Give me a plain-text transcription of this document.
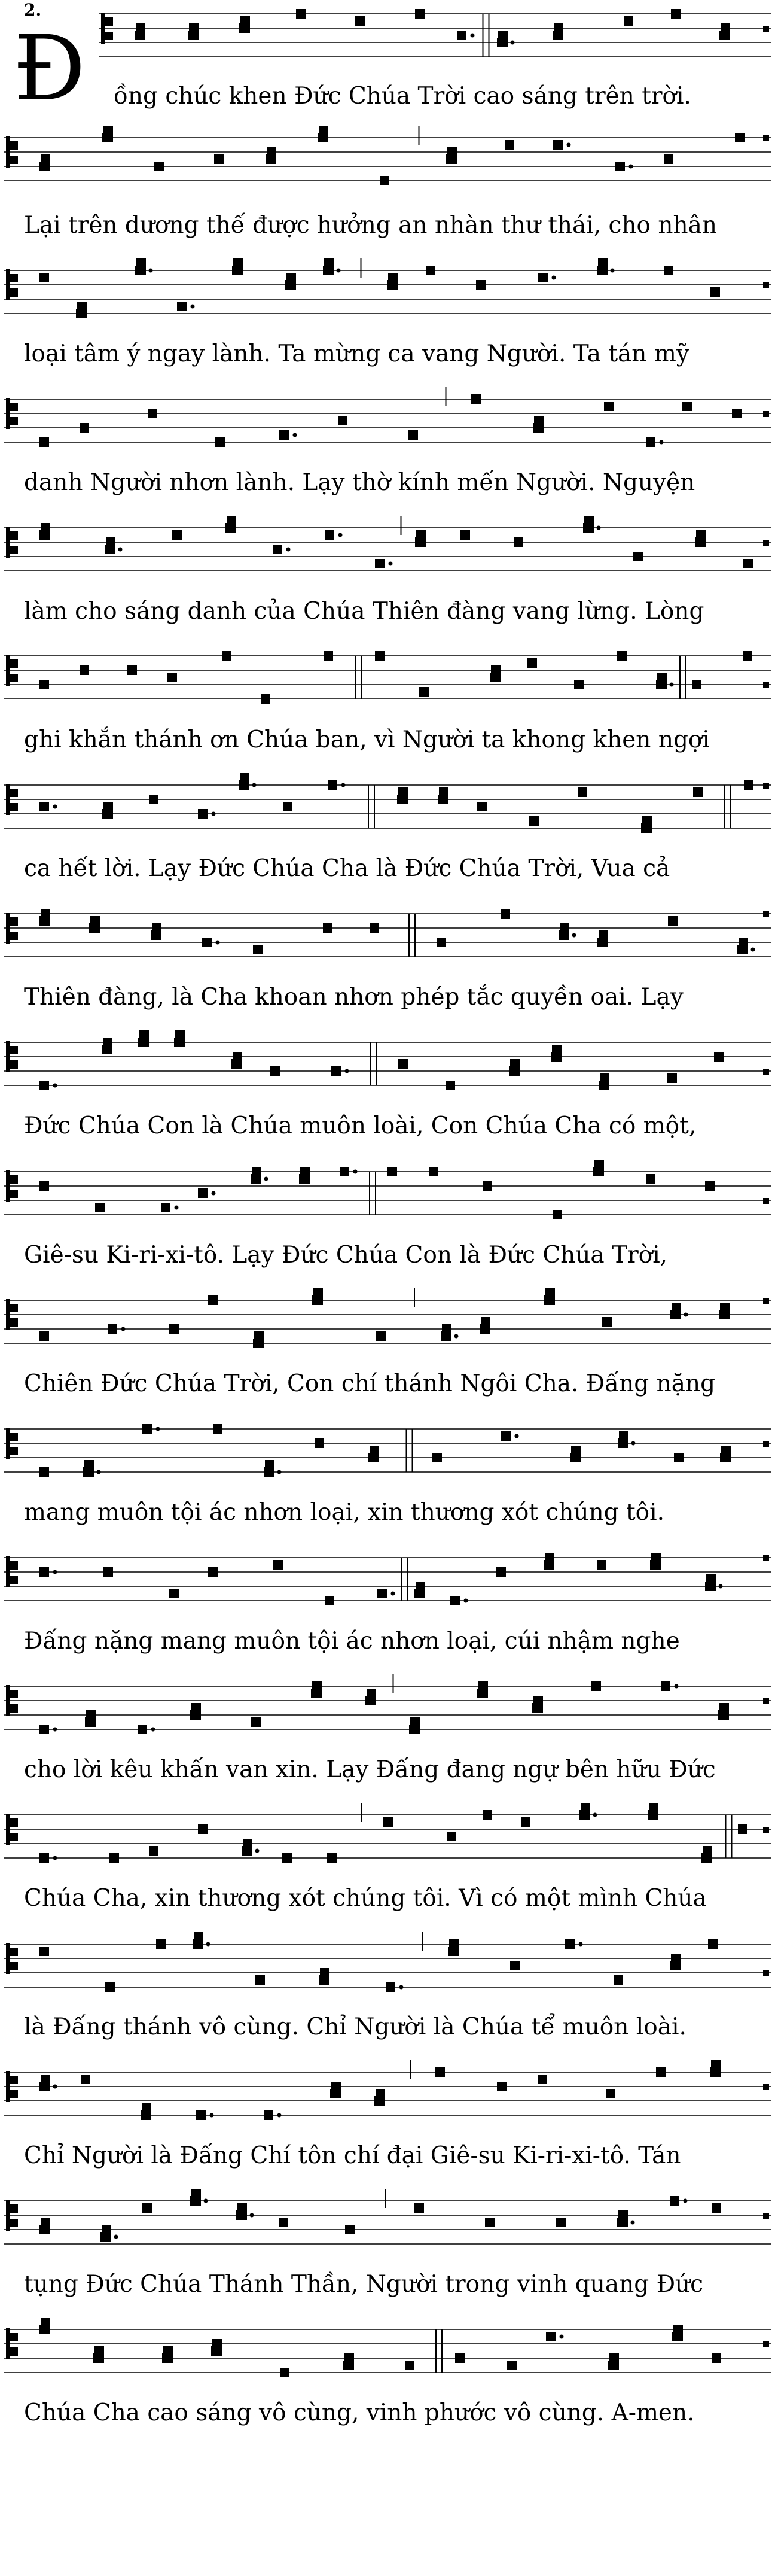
2.
Đ ồng chúc khen Đức Chúa Trời cao sáng trên trời.
Lại trên dương thế được hưởng an nhàn thư thái, cho nhân
loại tâm ý ngay lành. Ta mừng ca vang Người. Ta tán mỹ
danh Người nhơn lành. Lạy thờ kính mến Người. Nguyện
làm cho sáng danh của Chúa Thiên đàng vang lừng. Lòng
ghi khắn thánh ơn Chúa ban, vì Người ta khong khen ngợi
ca hết lời. Lạy Đức Chúa Cha là Đức Chúa Trời, Vua cả
Thiên đàng, là Cha khoan nhơn phép tắc quyền oai. Lạy
Đức Chúa Con là Chúa muôn loài, Con Chúa Cha có một,
Giê-su Ki-ri-xi-tô. Lạy Đức Chúa Con là Đức Chúa Trời,
Chiên Đức Chúa Trời, Con chí thánh Ngôi Cha. Đấng nặng
mang muôn tội ác nhơn loại, xin thương xót chúng tôi.
Đấng nặng mang muôn tội ác nhơn loại, cúi nhậm nghe
cho lời kêu khấn van xin. Lạy Đấng đang ngự bên hữu Đức
Chúa Cha, xin thương xót chúng tôi. Vì có một mình Chúa
là Đấng thánh vô cùng. Chỉ Người là Chúa tể muôn loài.
Chỉ Người là Đấng Chí tôn chí đại Giê-su Ki-ri-xi-tô. Tán
tụng Đức Chúa Thánh Thần, Người trong vinh quang Đức
Chúa Cha cao sáng vô cùng, vinh phước vô cùng. A-men.
